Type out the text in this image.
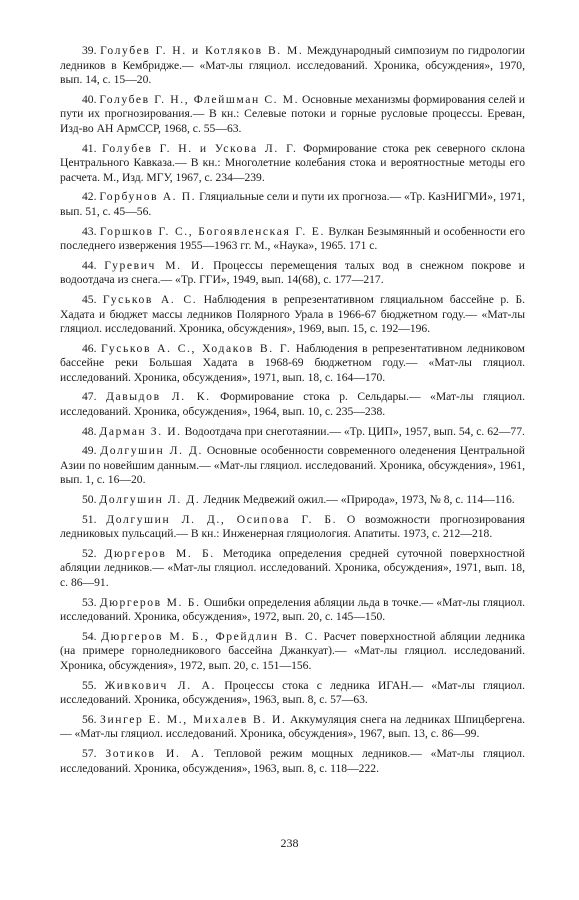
39. Голубев Г. Н. и Котляков В. М. Международный симпозиум по гидрологии ледников в Кембридже.— «Мат-лы гляциол. исследований. Хроника, обсуждения», 1970, вып. 14, с. 15—20.

40. Голубев Г. Н., Флейшман С. М. Основные механизмы формирования селей и пути их прогнозирования.— В кн.: Селевые потоки и горные русловые процессы. Ереван, Изд-во АН АрмССР, 1968, с. 55—63.

41. Голубев Г. Н. и Ускова Л. Г. Формирование стока рек северного склона Центрального Кавказа.— В кн.: Многолетние колебания стока и вероятностные методы его расчета. М., Изд. МГУ, 1967, с. 234—239.

42. Горбунов А. П. Гляциальные сели и пути их прогноза.— «Тр. КазНИГМИ», 1971, вып. 51, с. 45—56.

43. Горшков Г. С., Богоявленская Г. Е. Вулкан Безымянный и особенности его последнего извержения 1955—1963 гг. М., «Наука», 1965. 171 с.

44. Гуревич М. И. Процессы перемещения талых вод в снежном покрове и водоотдача из снега.— «Тр. ГГИ», 1949, вып. 14(68), с. 177—217.

45. Гуськов А. С. Наблюдения в репрезентативном гляциальном бассейне р. Б. Хадата и бюджет массы ледников Полярного Урала в 1966-67 бюджетном году.— «Мат-лы гляциол. исследований. Хроника, обсуждения», 1969, вып. 15, с. 192—196.

46. Гуськов А. С., Ходаков В. Г. Наблюдения в репрезентативном ледниковом бассейне реки Большая Хадата в 1968-69 бюджетном году.— «Мат-лы гляциол. исследований. Хроника, обсуждения», 1971, вып. 18, с. 164—170.

47. Давыдов Л. К. Формирование стока р. Сельдары.— «Мат-лы гляциол. исследований. Хроника, обсуждения», 1964, вып. 10, с. 235—238.

48. Дарман З. И. Водоотдача при снеготаянии.— «Тр. ЦИП», 1957, вып. 54, с. 62—77.

49. Долгушин Л. Д. Основные особенности современного оледенения Центральной Азии по новейшим данным.— «Мат-лы гляциол. исследований. Хроника, обсуждения», 1961, вып. 1, с. 16—20.

50. Долгушин Л. Д. Ледник Медвежий ожил.— «Природа», 1973, № 8, с. 114—116.

51. Долгушин Л. Д., Осипова Г. Б. О возможности прогнозирования ледниковых пульсаций.— В кн.: Инженерная гляциология. Апатиты. 1973, с. 212—218.

52. Дюргеров М. Б. Методика определения средней суточной поверхностной абляции ледников.— «Мат-лы гляциол. исследований. Хроника, обсуждения», 1971, вып. 18, с. 86—91.

53. Дюргеров М. Б. Ошибки определения абляции льда в точке.— «Мат-лы гляциол. исследований. Хроника, обсуждения», 1972, вып. 20, с. 145—150.

54. Дюргеров М. Б., Фрейдлин В. С. Расчет поверхностной абляции ледника (на примере горноледникового бассейна Джанкуат).— «Мат-лы гляциол. исследований. Хроника, обсуждения», 1972, вып. 20, с. 151—156.

55. Живкович Л. А. Процессы стока с ледника ИГАН.— «Мат-лы гляциол. исследований. Хроника, обсуждения», 1963, вып. 8, с. 57—63.

56. Зингер Е. М., Михалев В. И. Аккумуляция снега на ледниках Шпицбергена.— «Мат-лы гляциол. исследований. Хроника, обсуждения», 1967, вып. 13, с. 86—99.

57. Зотиков И. А. Тепловой режим мощных ледников.— «Мат-лы гляциол. исследований. Хроника, обсуждения», 1963, вып. 8, с. 118—222.

238
